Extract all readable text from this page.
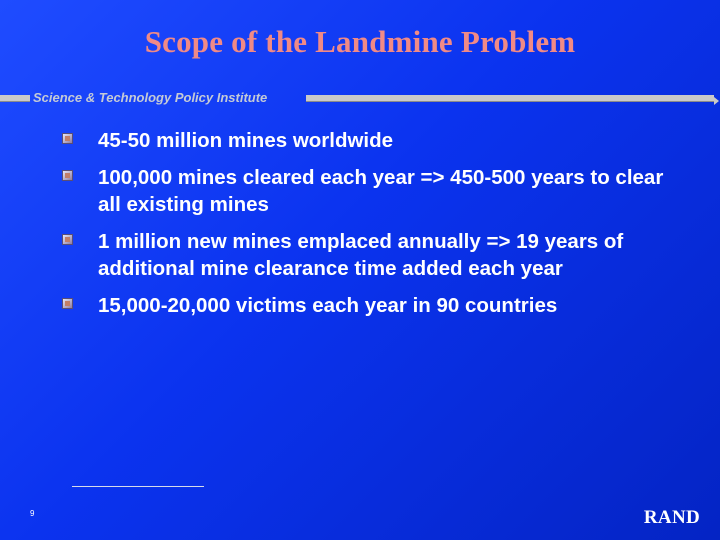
Scope of the Landmine Problem
Science & Technology Policy Institute
45-50 million mines worldwide
100,000 mines cleared each year => 450-500 years to clear all existing mines
1 million new mines emplaced annually => 19 years of additional mine clearance time added each year
15,000-20,000 victims each year in 90 countries
9	RAND
